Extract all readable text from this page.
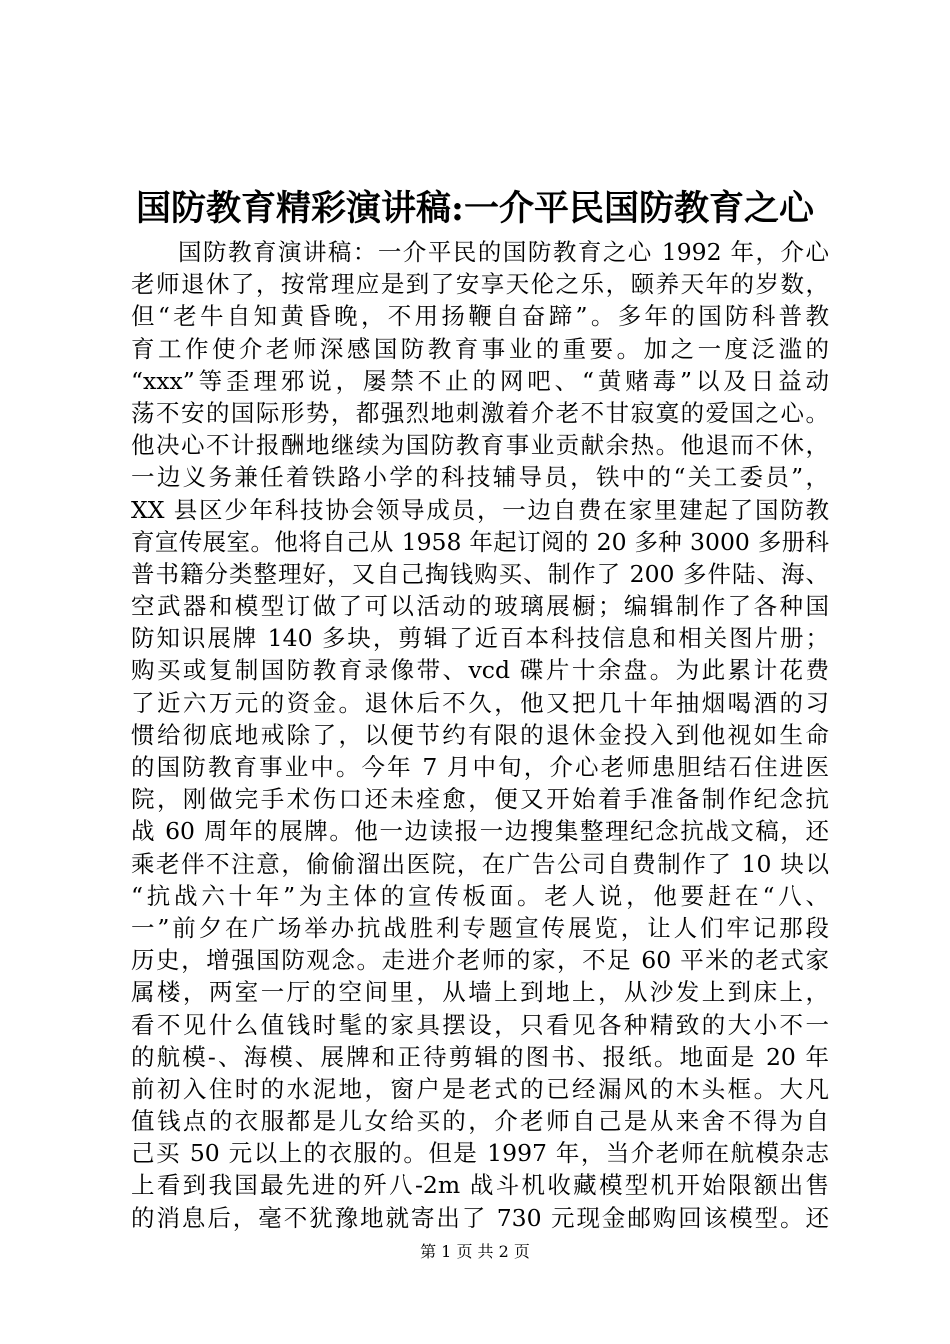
国防教育精彩演讲稿:一介平民国防教育之心
国防教育演讲稿：一介平民的国防教育之心 1992 年，介心
老师退休了，按常理应是到了安享天伦之乐，颐养天年的岁数，
但“老牛自知黄昏晚，不用扬鞭自奋蹄”。多年的国防科普教
育工作使介老师深感国防教育事业的重要。加之一度泛滥的
“xxx”等歪理邪说，屡禁不止的网吧、“黄赌毒”以及日益动
荡不安的国际形势，都强烈地刺激着介老不甘寂寞的爱国之心。
他决心不计报酬地继续为国防教育事业贡献余热。他退而不休，
一边义务兼任着铁路小学的科技辅导员，铁中的“关工委员”，
XX 县区少年科技协会领导成员，一边自费在家里建起了国防教
育宣传展室。他将自己从 1958 年起订阅的 20 多种 3000 多册科
普书籍分类整理好，又自己掏钱购买、制作了 200 多件陆、海、
空武器和模型订做了可以活动的玻璃展橱；编辑制作了各种国
防知识展牌 140 多块，剪辑了近百本科技信息和相关图片册；
购买或复制国防教育录像带、vcd 碟片十余盘。为此累计花费
了近六万元的资金。退休后不久，他又把几十年抽烟喝酒的习
惯给彻底地戒除了，以便节约有限的退休金投入到他视如生命
的国防教育事业中。今年 7 月中旬，介心老师患胆结石住进医
院，刚做完手术伤口还未痊愈，便又开始着手准备制作纪念抗
战 60 周年的展牌。他一边读报一边搜集整理纪念抗战文稿，还
乘老伴不注意，偷偷溜出医院，在广告公司自费制作了 10 块以
“抗战六十年”为主体的宣传板面。老人说，他要赶在“八、
一”前夕在广场举办抗战胜利专题宣传展览，让人们牢记那段
历史，增强国防观念。走进介老师的家，不足 60 平米的老式家
属楼，两室一厅的空间里，从墙上到地上，从沙发上到床上，
看不见什么值钱时髦的家具摆设，只看见各种精致的大小不一
的航模-、海模、展牌和正待剪辑的图书、报纸。地面是 20 年
前初入住时的水泥地，窗户是老式的已经漏风的木头框。大凡
值钱点的衣服都是儿女给买的，介老师自己是从来舍不得为自
己买 50 元以上的衣服的。但是 1997 年，当介老师在航模杂志
上看到我国最先进的歼八-2m 战斗机收藏模型机开始限额出售
的消息后，毫不犹豫地就寄出了 730 元现金邮购回该模型。还
第 1 页 共 2 页
